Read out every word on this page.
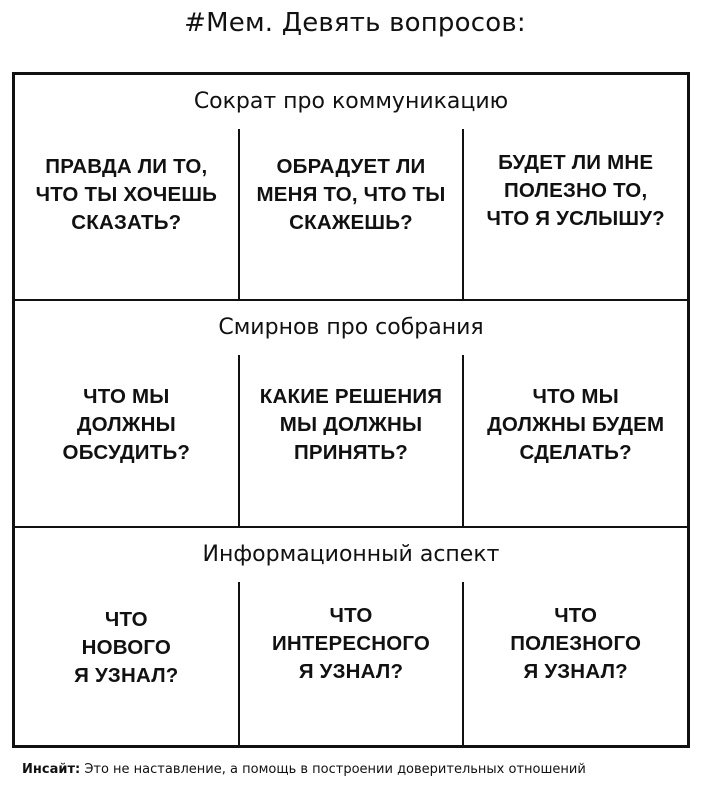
#Мем. Девять вопросов:
Сократ про коммуникацию
ПРАВДА ЛИ ТО,
ЧТО ТЫ ХОЧЕШЬ
СКАЗАТЬ?
ОБРАДУЕТ ЛИ
МЕНЯ ТО, ЧТО ТЫ
СКАЖЕШЬ?
БУДЕТ ЛИ МНЕ
ПОЛЕЗНО ТО,
ЧТО Я УСЛЫШУ?
Смирнов про собрания
ЧТО МЫ
ДОЛЖНЫ
ОБСУДИТЬ?
КАКИЕ РЕШЕНИЯ
МЫ ДОЛЖНЫ
ПРИНЯТЬ?
ЧТО МЫ
ДОЛЖНЫ БУДЕМ
СДЕЛАТЬ?
Информационный аспект
ЧТО
НОВОГО
Я УЗНАЛ?
ЧТО
ИНТЕРЕСНОГО
Я УЗНАЛ?
ЧТО
ПОЛЕЗНОГО
Я УЗНАЛ?
Инсайт: Это не наставление, а помощь в построении доверительных отношений
